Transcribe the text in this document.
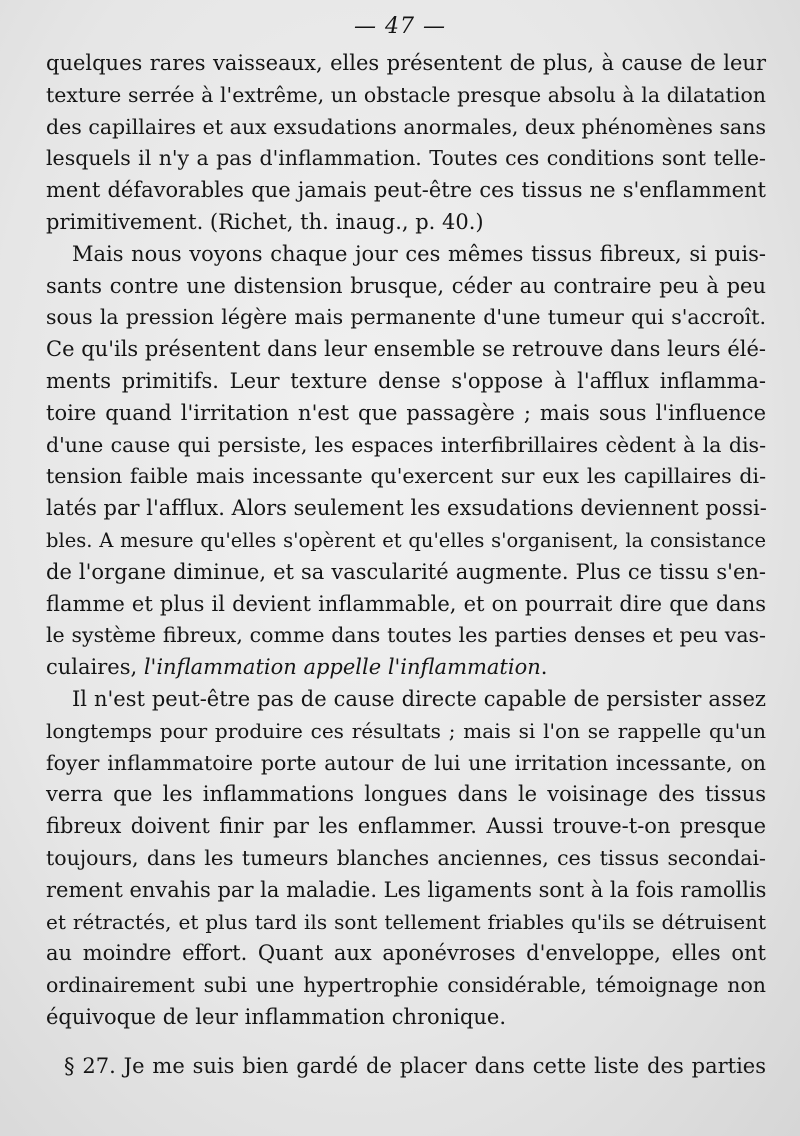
— 47 —
quelques rares vaisseaux, elles présentent de plus, à cause de leur
texture serrée à l'extrême, un obstacle presque absolu à la dilatation
des capillaires et aux exsudations anormales, deux phénomènes sans
lesquels il n'y a pas d'inflammation. Toutes ces conditions sont telle-
ment défavorables que jamais peut-être ces tissus ne s'enflamment
primitivement. (Richet, th. inaug., p. 40.)
Mais nous voyons chaque jour ces mêmes tissus fibreux, si puis-
sants contre une distension brusque, céder au contraire peu à peu
sous la pression légère mais permanente d'une tumeur qui s'accroît.
Ce qu'ils présentent dans leur ensemble se retrouve dans leurs élé-
ments primitifs. Leur texture dense s'oppose à l'afflux inflamma-
toire quand l'irritation n'est que passagère ; mais sous l'influence
d'une cause qui persiste, les espaces interfibrillaires cèdent à la dis-
tension faible mais incessante qu'exercent sur eux les capillaires di-
latés par l'afflux. Alors seulement les exsudations deviennent possi-
bles. A mesure qu'elles s'opèrent et qu'elles s'organisent, la consistance
de l'organe diminue, et sa vascularité augmente. Plus ce tissu s'en-
flamme et plus il devient inflammable, et on pourrait dire que dans
le système fibreux, comme dans toutes les parties denses et peu vas-
culaires, l'inflammation appelle l'inflammation.
Il n'est peut-être pas de cause directe capable de persister assez
longtemps pour produire ces résultats ; mais si l'on se rappelle qu'un
foyer inflammatoire porte autour de lui une irritation incessante, on
verra que les inflammations longues dans le voisinage des tissus
fibreux doivent finir par les enflammer. Aussi trouve-t-on presque
toujours, dans les tumeurs blanches anciennes, ces tissus secondai-
rement envahis par la maladie. Les ligaments sont à la fois ramollis
et rétractés, et plus tard ils sont tellement friables qu'ils se détruisent
au moindre effort. Quant aux aponévroses d'enveloppe, elles ont
ordinairement subi une hypertrophie considérable, témoignage non
équivoque de leur inflammation chronique.
§ 27. Je me suis bien gardé de placer dans cette liste des parties
